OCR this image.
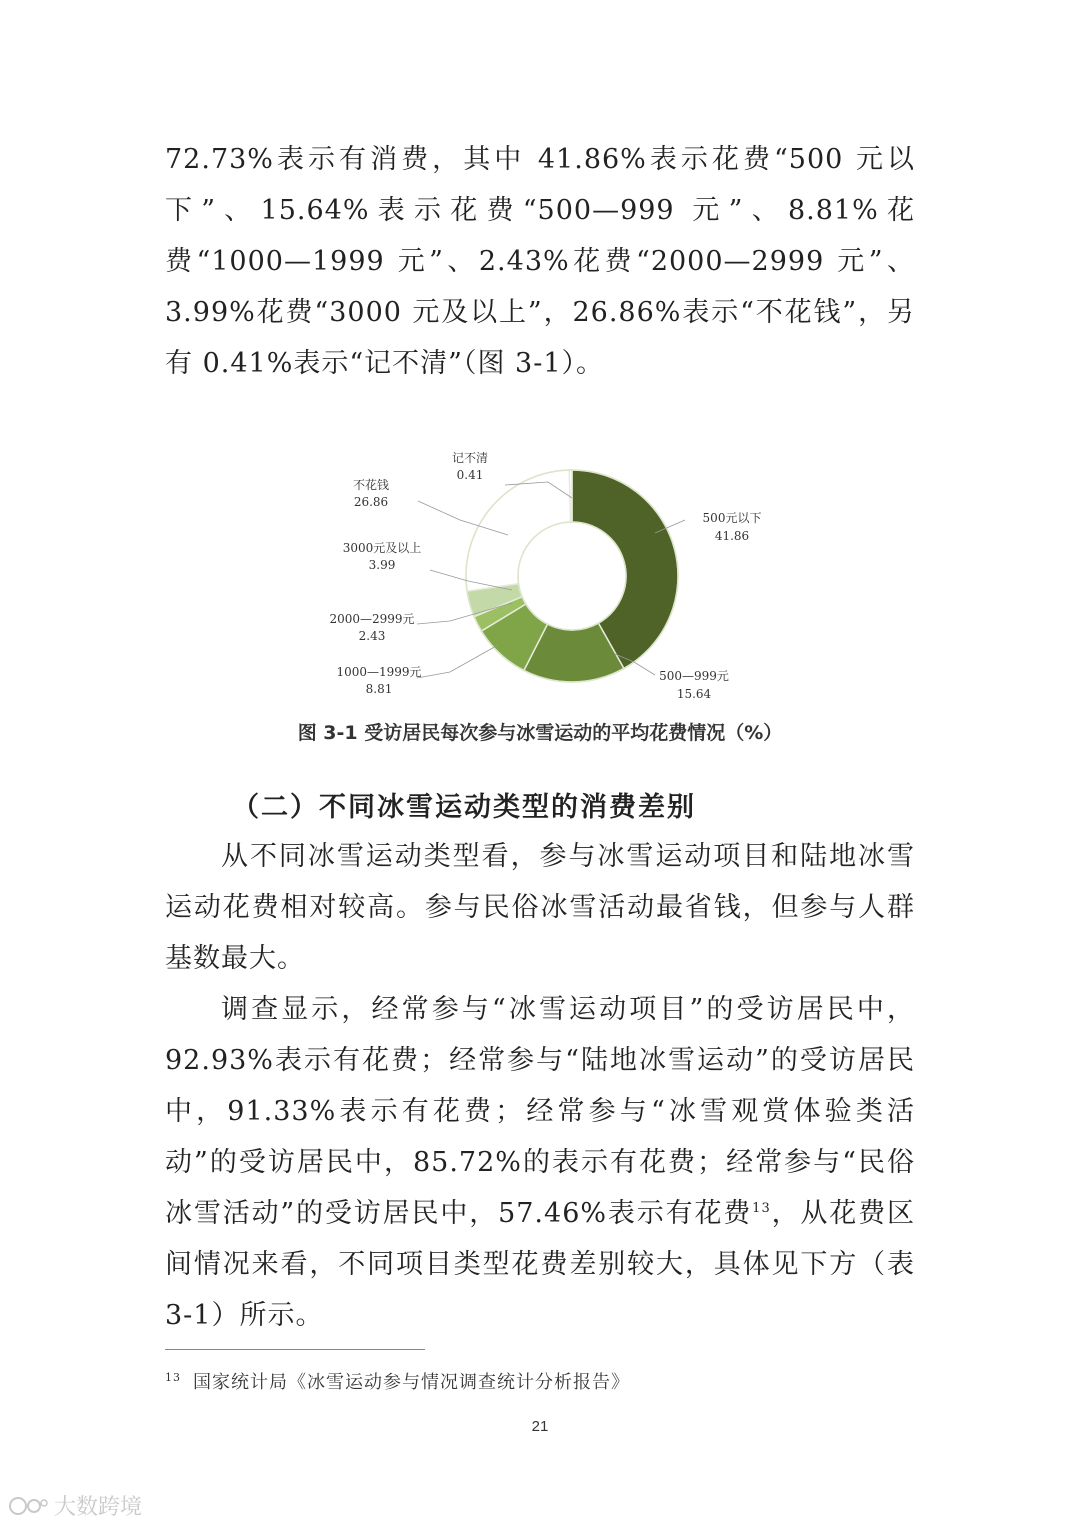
72.73%表示有消费，其中 41.86%表示花费“500 元以下”、15.64%表示花费“500—999 元”、8.81%花费“1000—1999 元”、2.43%花费“2000—2999 元”、3.99%花费“3000 元及以上”，26.86%表示“不花钱”，另有 0.41%表示“记不清”（图 3-1）。

记不清
0.41
不花钱
26.86
3000元及以上
3.99
2000—2999元
2.43
1000—1999元
8.81
500元以下
41.86
500—999元
15.64
图 3-1 受访居民每次参与冰雪运动的平均花费情况（%）
（二）不同冰雪运动类型的消费差别

从不同冰雪运动类型看，参与冰雪运动项目和陆地冰雪运动花费相对较高。参与民俗冰雪活动最省钱，但参与人群基数最大。

调查显示，经常参与“冰雪运动项目”的受访居民中，92.93%表示有花费；经常参与“陆地冰雪运动”的受访居民中，91.33%表示有花费；经常参与“冰雪观赏体验类活动”的受访居民中，85.72%的表示有花费；经常参与“民俗冰雪活动”的受访居民中，57.46%表示有花费$^{13}$，从花费区间情况来看，不同项目类型花费差别较大，具体见下方（表 3-1）所示。

$^{13}$ 国家统计局《冰雪运动参与情况调查统计分析报告》
21
大数跨境
